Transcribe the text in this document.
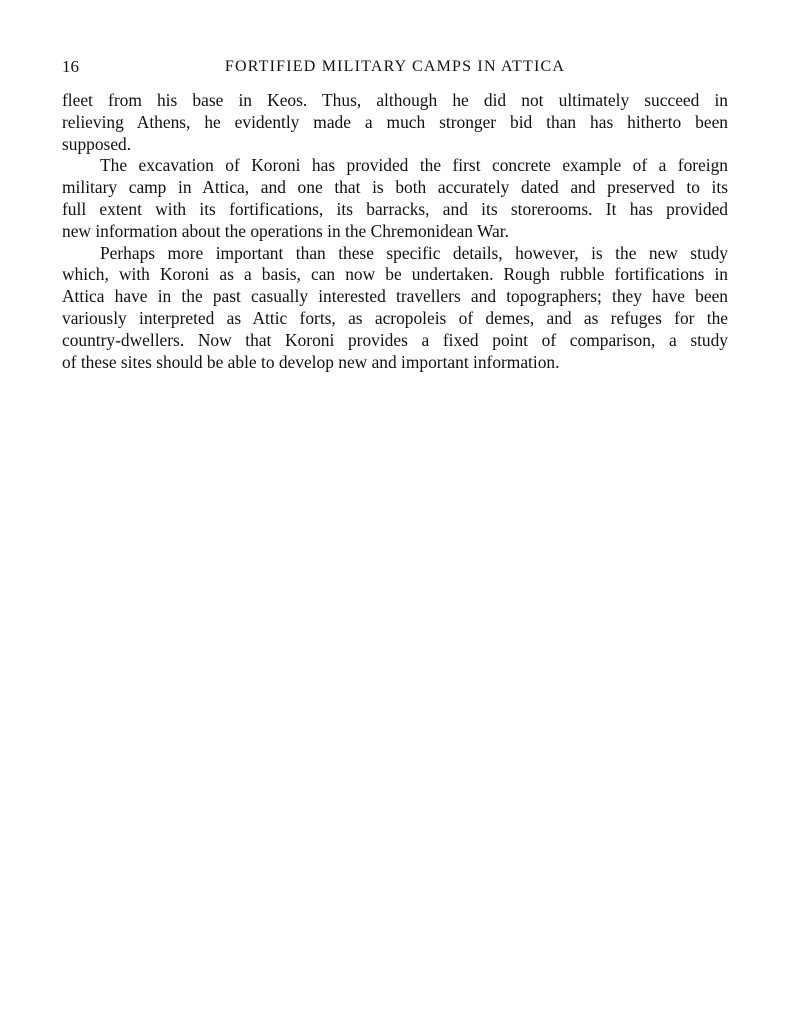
16	FORTIFIED MILITARY CAMPS IN ATTICA

fleet from his base in Keos. Thus, although he did not ultimately succeed in
relieving Athens, he evidently made a much stronger bid than has hitherto been
supposed.

The excavation of Koroni has provided the first concrete example of a foreign
military camp in Attica, and one that is both accurately dated and preserved to its
full extent with its fortifications, its barracks, and its storerooms. It has provided
new information about the operations in the Chremonidean War.

Perhaps more important than these specific details, however, is the new study
which, with Koroni as a basis, can now be undertaken. Rough rubble fortifications in
Attica have in the past casually interested travellers and topographers; they have been
variously interpreted as Attic forts, as acropoleis of demes, and as refuges for the
country-dwellers. Now that Koroni provides a fixed point of comparison, a study
of these sites should be able to develop new and important information.
